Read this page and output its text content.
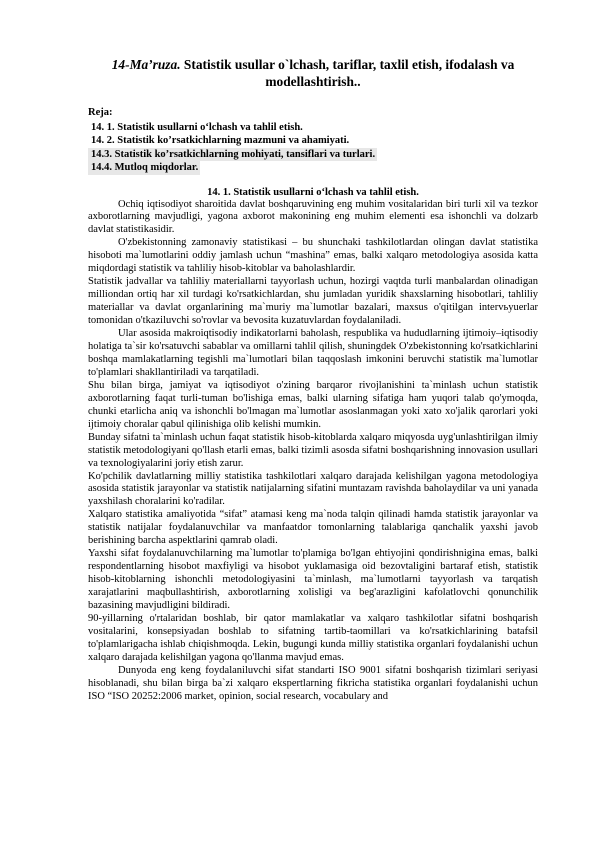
14-Ma’ruza. Statistik usullar o`lchash, tariflar, taxlil etish, ifodalash va modellashtirish..
Reja:
14. 1. Statistik usullarni o‘lchash va tahlil etish.
14. 2. Statistik ko’rsatkichlarning mazmuni va ahamiyati.
14.3. Statistik ko’rsatkichlarning mohiyati, tansiflari va turlari.
14.4. Mutloq miqdorlar.
14. 1. Statistik usullarni o‘lchash va tahlil etish.

Ochiq iqtisodiyot sharoitida davlat boshqaruvining eng muhim vositalaridan biri turli xil va tezkor axborotlarning mavjudligi, yagona axborot makonining eng muhim elementi esa ishonchli va dolzarb davlat statistikasidir.

O'zbekistonning zamonaviy statistikasi – bu shunchaki tashkilotlardan olingan davlat statistika hisoboti ma`lumotlarini oddiy jamlash uchun “mashina” emas, balki xalqaro metodologiya asosida katta miqdordagi statistik va tahliliy hisob-kitoblar va baholashlardir.

Statistik jadvallar va tahliliy materiallarni tayyorlash uchun, hozirgi vaqtda turli manbalardan olinadigan milliondan ortiq har xil turdagi ko'rsatkichlardan, shu jumladan yuridik shaxslarning hisobotlari, tahliliy materiallar va davlat organlarining ma`muriy ma`lumotlar bazalari, maxsus o'qitilgan intervьyuerlar tomonidan o'tkaziluvchi so'rovlar va bevosita kuzatuvlardan foydalaniladi.

Ular asosida makroiqtisodiy indikatorlarni baholash, respublika va hududlarning ijtimoiy–iqtisodiy holatiga ta`sir ko'rsatuvchi sabablar va omillarni tahlil qilish, shuningdek O'zbekistonning ko'rsatkichlarini boshqa mamlakatlarning tegishli ma`lumotlari bilan taqqoslash imkonini beruvchi statistik ma`lumotlar to'plamlari shakllantiriladi va tarqatiladi.

Shu bilan birga, jamiyat va iqtisodiyot o'zining barqaror rivojlanishini ta`minlash uchun statistik axborotlarning faqat turli-tuman bo'lishiga emas, balki ularning sifatiga ham yuqori talab qo'ymoqda, chunki etarlicha aniq va ishonchli bo'lmagan ma`lumotlar asoslanmagan yoki xato xo'jalik qarorlari yoki ijtimoiy choralar qabul qilinishiga olib kelishi mumkin.

Bunday sifatni ta`minlash uchun faqat statistik hisob-kitoblarda xalqaro miqyosda uyg'unlashtirilgan ilmiy statistik metodologiyani qo'llash etarli emas, balki tizimli asosda sifatni boshqarishning innovasion usullari va texnologiyalarini joriy etish zarur.

Ko'pchilik davlatlarning milliy statistika tashkilotlari xalqaro darajada kelishilgan yagona metodologiya asosida statistik jarayonlar va statistik natijalarning sifatini muntazam ravishda baholaydilar va uni yanada yaxshilash choralarini ko'radilar.

Xalqaro statistika amaliyotida “sifat” atamasi keng ma`noda talqin qilinadi hamda statistik jarayonlar va statistik natijalar foydalanuvchilar va manfaatdor tomonlarning talablariga qanchalik yaxshi javob berishining barcha aspektlarini qamrab oladi.

Yaxshi sifat foydalanuvchilarning ma`lumotlar to'plamiga bo'lgan ehtiyojini qondirishnigina emas, balki respondentlarning hisobot maxfiyligi va hisobot yuklamasiga oid bezovtaligini bartaraf etish, statistik hisob-kitoblarning ishonchli metodologiyasini ta`minlash, ma`lumotlarni tayyorlash va tarqatish xarajatlarini maqbullashtirish, axborotlarning xolisligi va beg'arazligini kafolatlovchi qonunchilik bazasining mavjudligini bildiradi.

90-yillarning o'rtalaridan boshlab, bir qator mamlakatlar va xalqaro tashkilotlar sifatni boshqarish vositalarini, konsepsiyadan boshlab to sifatning tartib-taomillari va ko'rsatkichlarining batafsil to'plamlarigacha ishlab chiqishmoqda. Lekin, bugungi kunda milliy statistika organlari foydalanishi uchun xalqaro darajada kelishilgan yagona qo'llanma mavjud emas.

Dunyoda eng keng foydalaniluvchi sifat standarti ISO 9001 sifatni boshqarish tizimlari seriyasi hisoblanadi, shu bilan birga ba`zi xalqaro ekspertlarning fikricha statistika organlari foydalanishi uchun ISO “ISO 20252:2006 market, opinion, social research, vocabulary and
